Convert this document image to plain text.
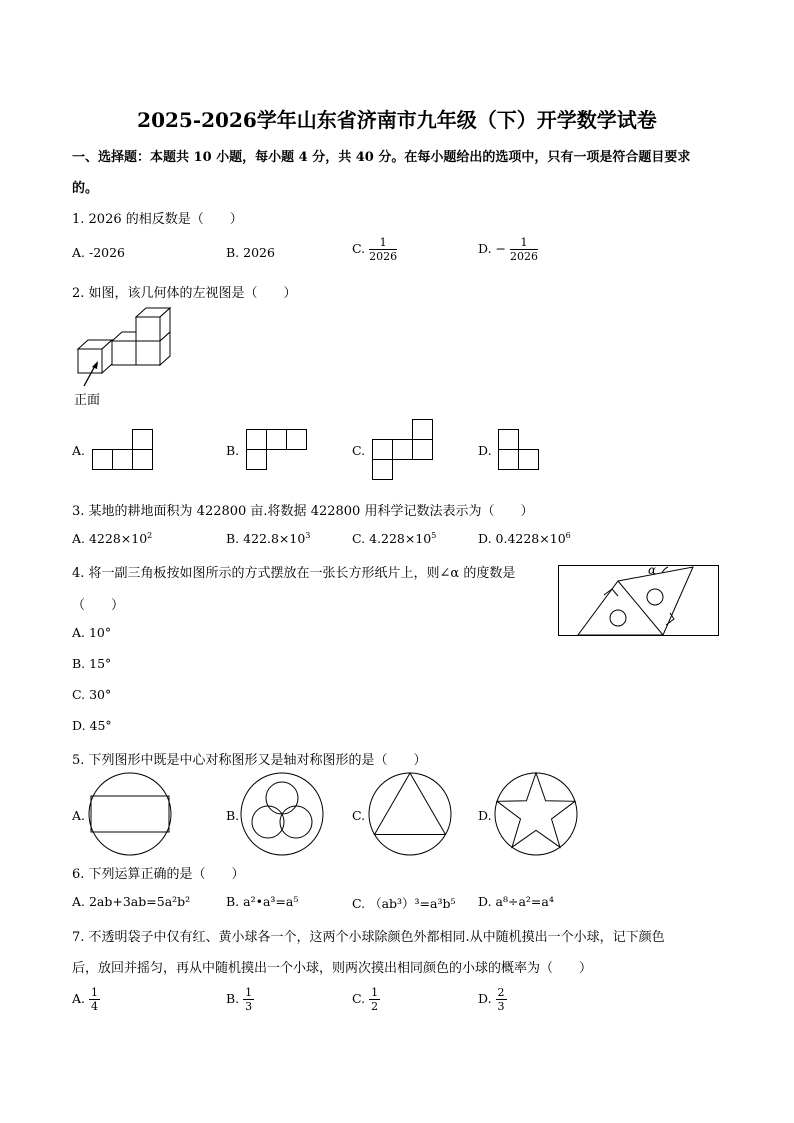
2025-2026学年山东省济南市九年级（下）开学数学试卷
一、选择题：本题共 10 小题，每小题 4 分，共 40 分。在每小题给出的选项中，只有一项是符合题目要求
的。
1. 2026 的相反数是（　　）
A. -2026	B. 2026	C. $\frac{1}{2026}$	D. − $\frac{1}{2026}$
2. 如图，该几何体的左视图是（　　）
正面
A.	B.	C.	D.
3. 某地的耕地面积为 422800 亩.将数据 422800 用科学记数法表示为（　　）
A. $4228\times 10^2$	B. $422.8\times 10^3$	C. $4.228\times 10^5$	D. $0.4228\times 10^6$
4. 将一副三角板按如图所示的方式摆放在一张长方形纸片上，则∠α 的度数是
（　　）
α
A. 10°
B. 15°
C. 30°
D. 45°
5. 下列图形中既是中心对称图形又是轴对称图形的是（　　）
A.	B.	C.	D.
6. 下列运算正确的是（　　）
A. 2ab+3ab=5a²b²	B. a²•a³=a⁵	C. （ab³）³=a³b⁵ D. a⁸÷a²=a⁴
7. 不透明袋子中仅有红、黄小球各一个，这两个小球除颜色外都相同.从中随机摸出一个小球，记下颜色
后，放回并摇匀，再从中随机摸出一个小球，则两次摸出相同颜色的小球的概率为（　　）
A. $\frac{1}{4}$	B. $\frac{1}{3}$	C. $\frac{1}{2}$	D. $\frac{2}{3}$
